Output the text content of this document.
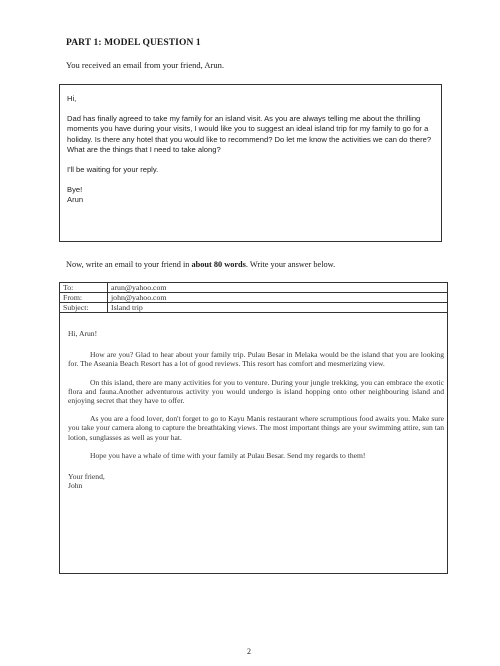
PART 1: MODEL QUESTION 1
You received an email from your friend, Arun.
Hi,
Dad has finally agreed to take my family for an island visit. As you are always telling me about the thrilling moments you have during your visits, I would like you to suggest an ideal island trip for my family to go for a holiday. Is there any hotel that you would like to recommend? Do let me know the activities we can do there? What are the things that I need to take along?
I'll be waiting for your reply.
Bye!
Arun
Now, write an email to your friend in about 80 words. Write your answer below.
To:	arun@yahoo.com
From:	john@yahoo.com
Subject:	Island trip
Hi, Arun!
How are you? Glad to hear about your family trip. Pulau Besar in Melaka would be the island that you are looking for. The Aseania Beach Resort has a lot of good reviews. This resort has comfort and mesmerizing view.
On this island, there are many activities for you to venture. During your jungle trekking, you can embrace the exotic flora and fauna.Another adventurous activity you would undergo is island hopping onto other neighbouring island and enjoying secret that they have to offer.
As you are a food lover, don't forget to go to Kayu Manis restaurant where scrumptious food awaits you. Make sure you take your camera along to capture the breathtaking views. The most important things are your swimming attire, sun tan lotion, sunglasses as well as your hat.
Hope you have a whale of time with your family at Pulau Besar. Send my regards to them!
Your friend,
John
2
